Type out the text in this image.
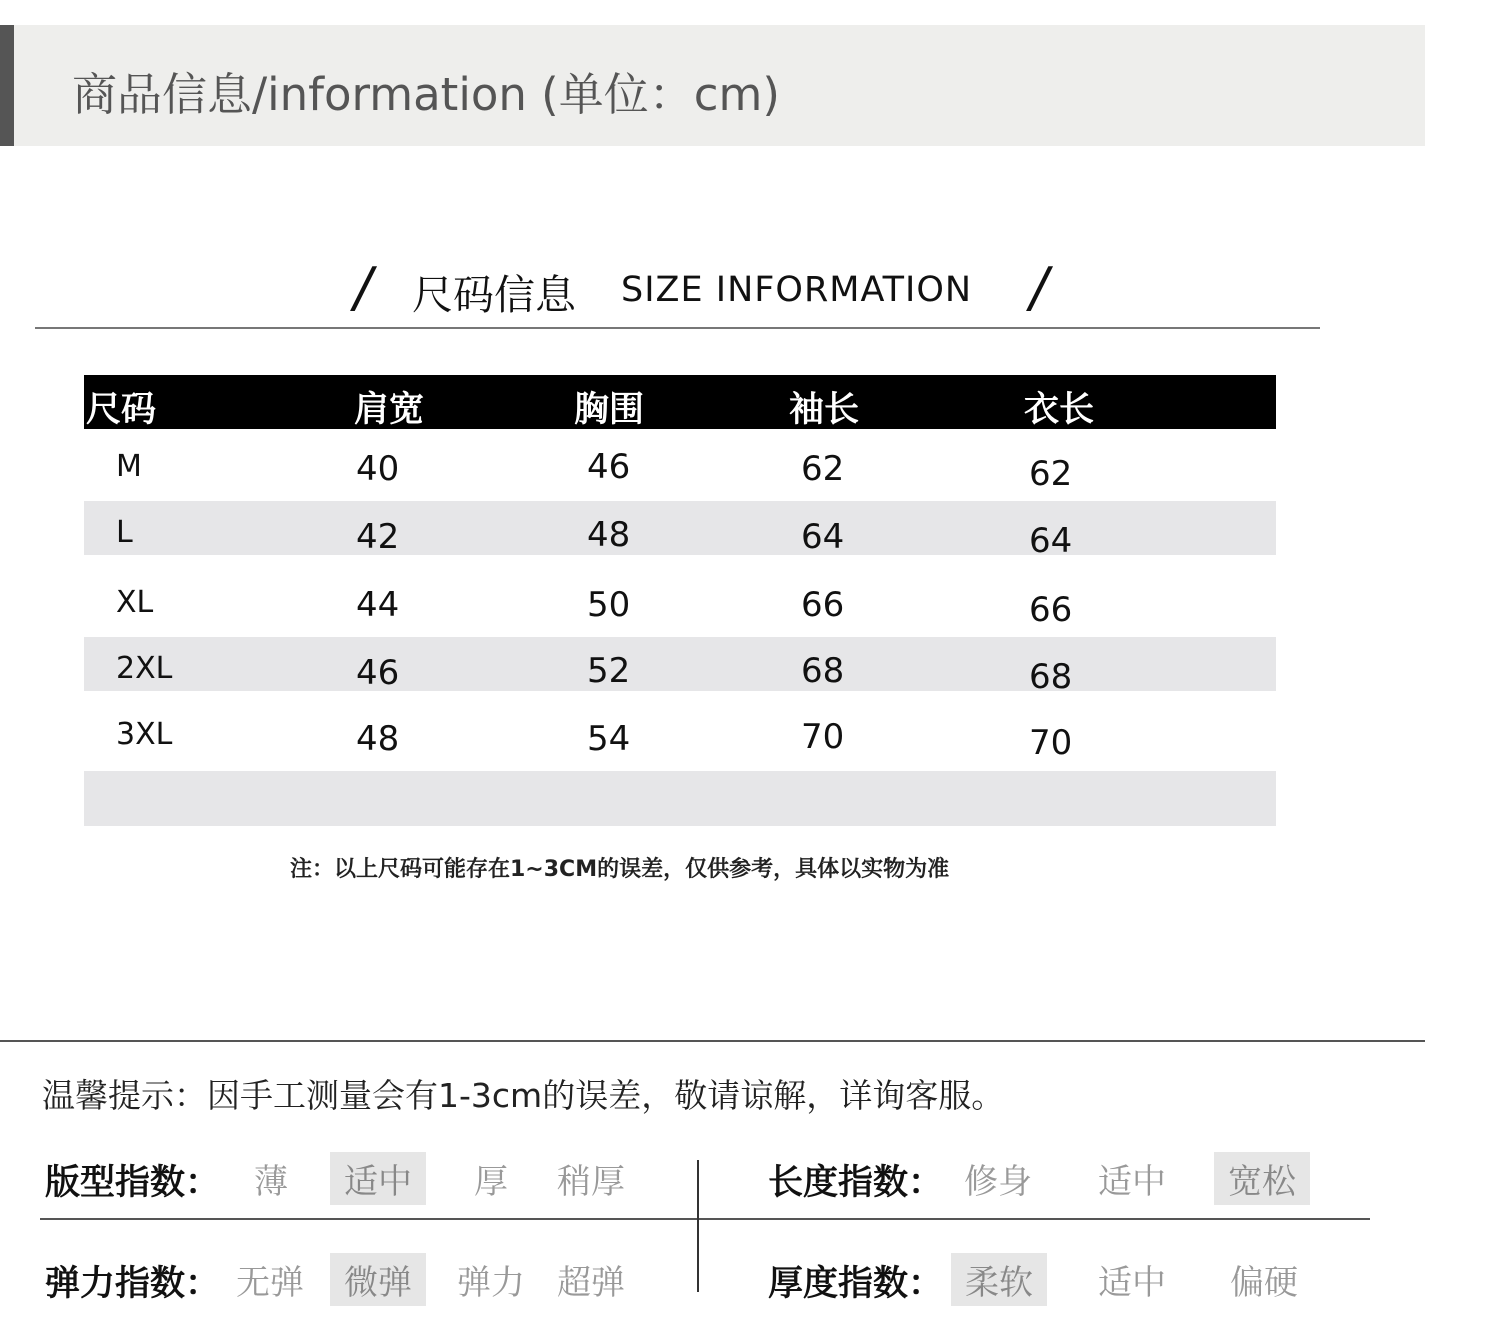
商品信息/information (单位：cm)
/ 尺码信息 SIZE INFORMATION /
尺码	肩宽	胸围	袖长	衣长
M	40	46	62	62
L	42	48	64	64
XL	44	50	66	66
2XL	46	52	68	68
3XL	48	54	70	70
注：以上尺码可能存在1~3CM的误差，仅供参考，具体以实物为准
温馨提示：因手工测量会有1-3cm的误差，敬请谅解，详询客服。
版型指数： 薄	适中	厚	稍厚	长度指数： 修身	适中	宽松
弹力指数： 无弹	微弹	弹力 超弹	厚度指数： 柔软	适中	偏硬
